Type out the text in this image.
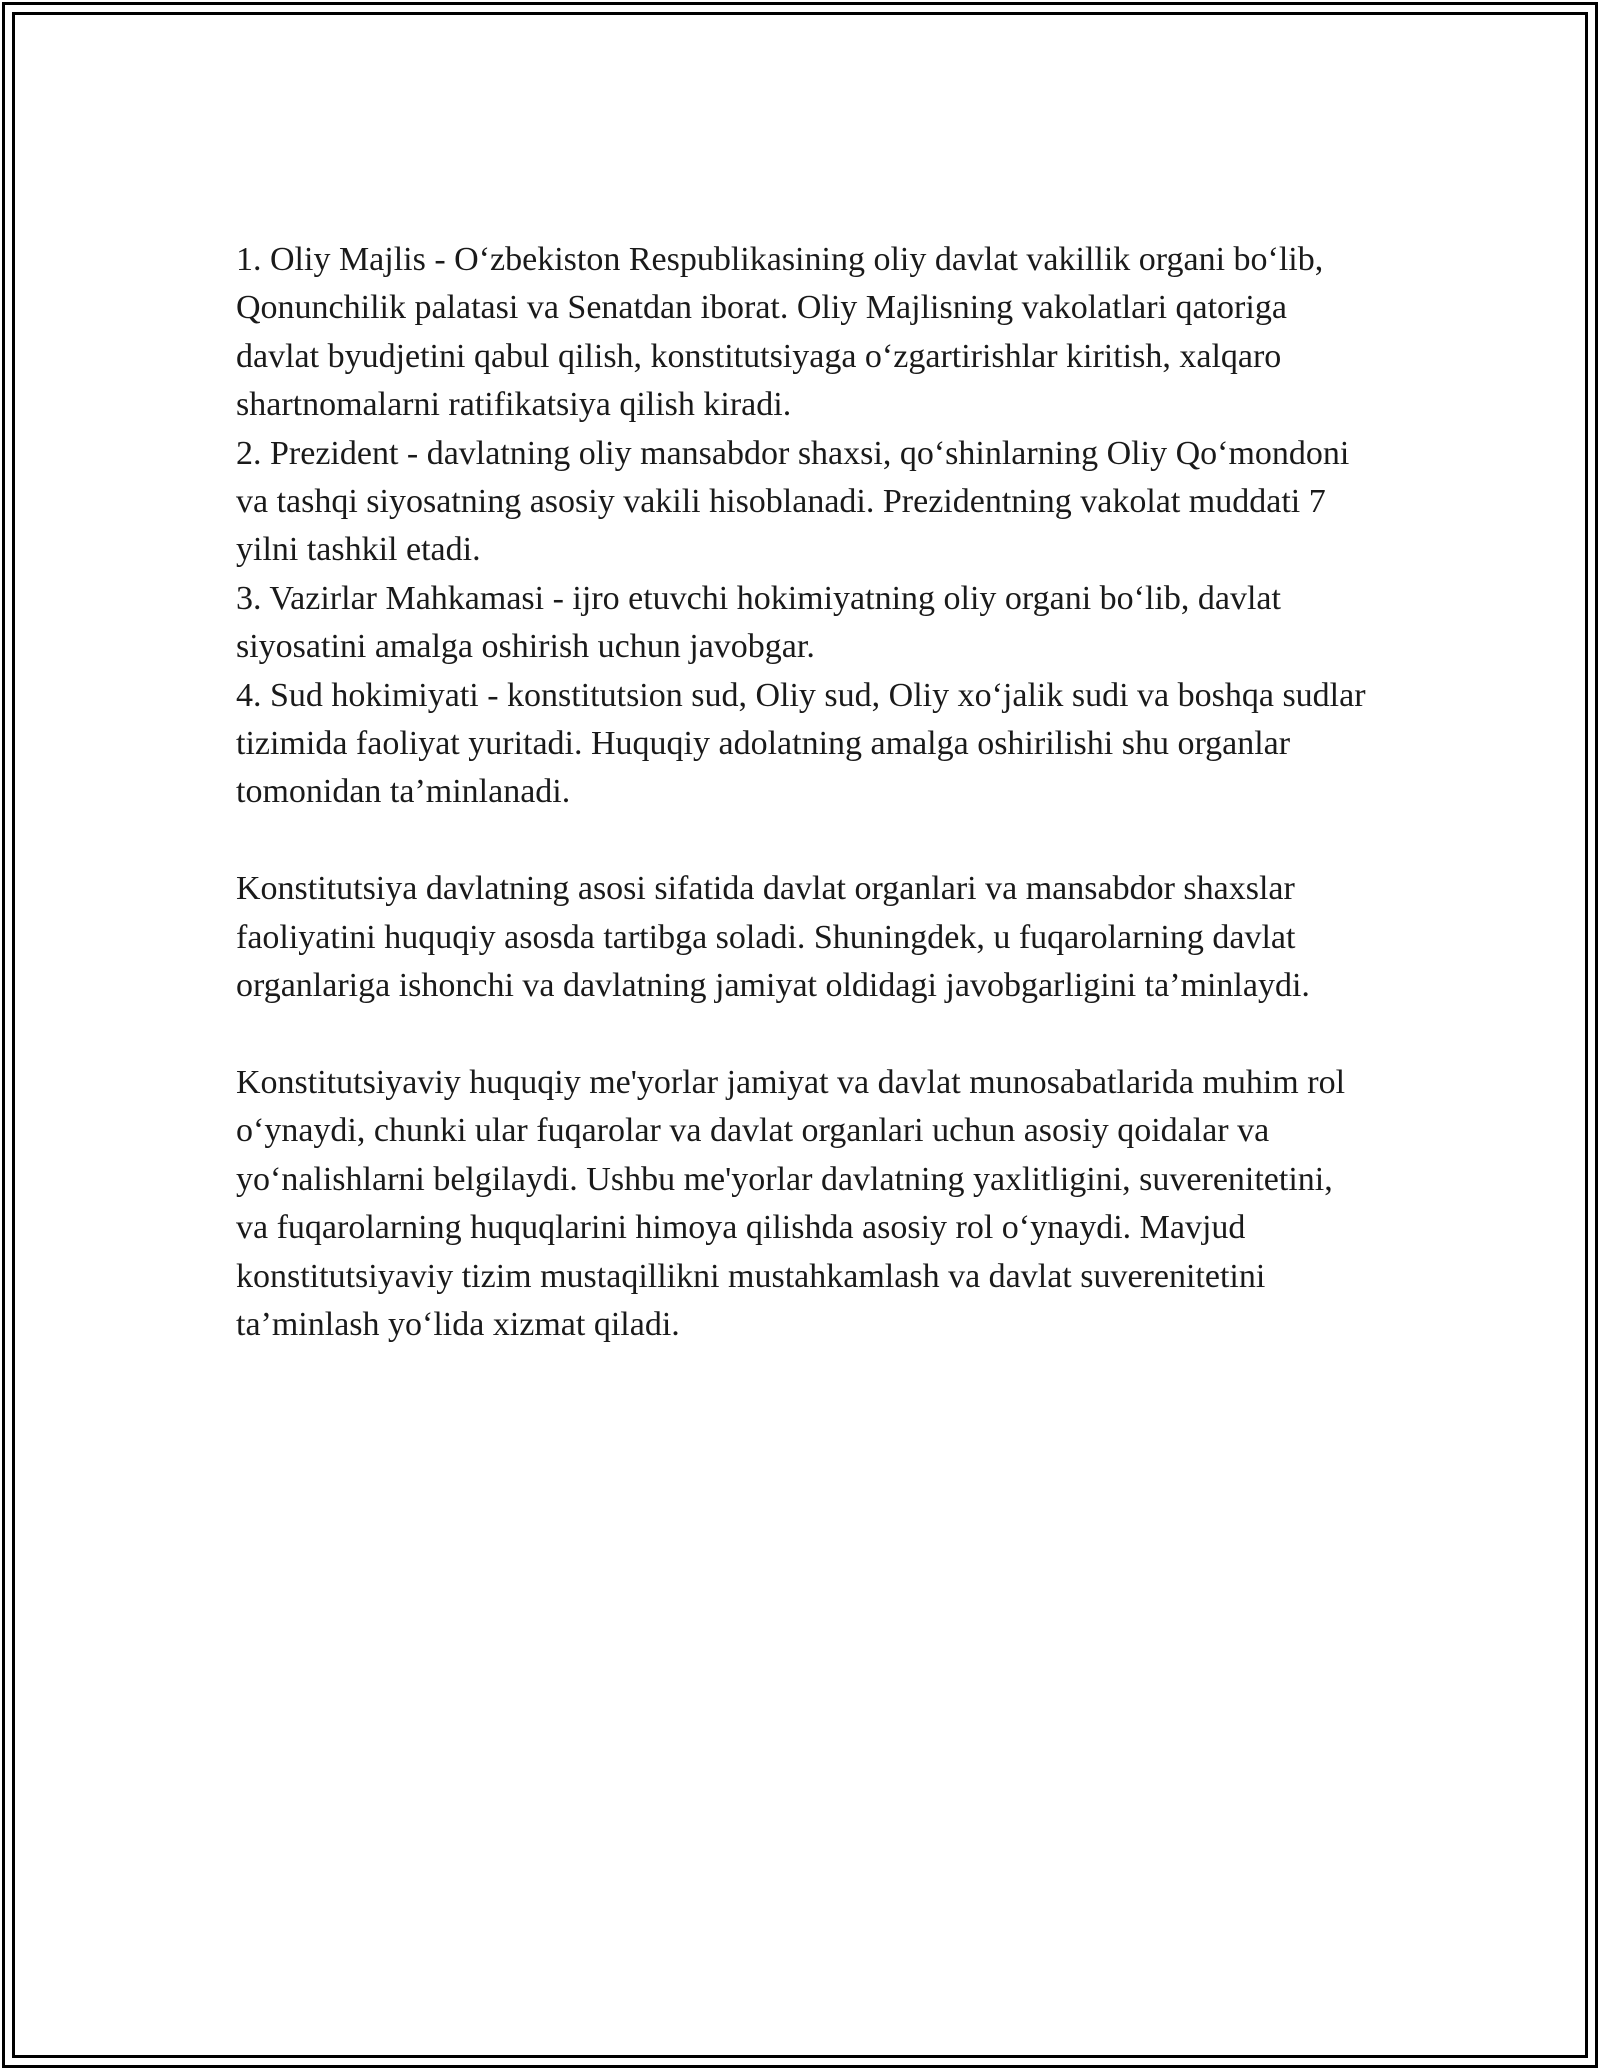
1. Oliy Majlis - O‘zbekiston Respublikasining oliy davlat vakillik organi bo‘lib, Qonunchilik palatasi va Senatdan iborat. Oliy Majlisning vakolatlari qatoriga davlat byudjetini qabul qilish, konstitutsiyaga o‘zgartirishlar kiritish, xalqaro shartnomalarni ratifikatsiya qilish kiradi.

2. Prezident - davlatning oliy mansabdor shaxsi, qo‘shinlarning Oliy Qo‘mondoni va tashqi siyosatning asosiy vakili hisoblanadi. Prezidentning vakolat muddati 7 yilni tashkil etadi.

3. Vazirlar Mahkamasi - ijro etuvchi hokimiyatning oliy organi bo‘lib, davlat siyosatini amalga oshirish uchun javobgar.

4. Sud hokimiyati - konstitutsion sud, Oliy sud, Oliy xo‘jalik sudi va boshqa sudlar tizimida faoliyat yuritadi. Huquqiy adolatning amalga oshirilishi shu organlar tomonidan ta’minlanadi.

Konstitutsiya davlatning asosi sifatida davlat organlari va mansabdor shaxslar faoliyatini huquqiy asosda tartibga soladi. Shuningdek, u fuqarolarning davlat organlariga ishonchi va davlatning jamiyat oldidagi javobgarligini ta’minlaydi.

Konstitutsiyaviy huquqiy me'yorlar jamiyat va davlat munosabatlarida muhim rol o‘ynaydi, chunki ular fuqarolar va davlat organlari uchun asosiy qoidalar va yo‘nalishlarni belgilaydi. Ushbu me'yorlar davlatning yaxlitligini, suverenitetini, va fuqarolarning huquqlarini himoya qilishda asosiy rol o‘ynaydi. Mavjud konstitutsiyaviy tizim mustaqillikni mustahkamlash va davlat suverenitetini ta’minlash yo‘lida xizmat qiladi.
